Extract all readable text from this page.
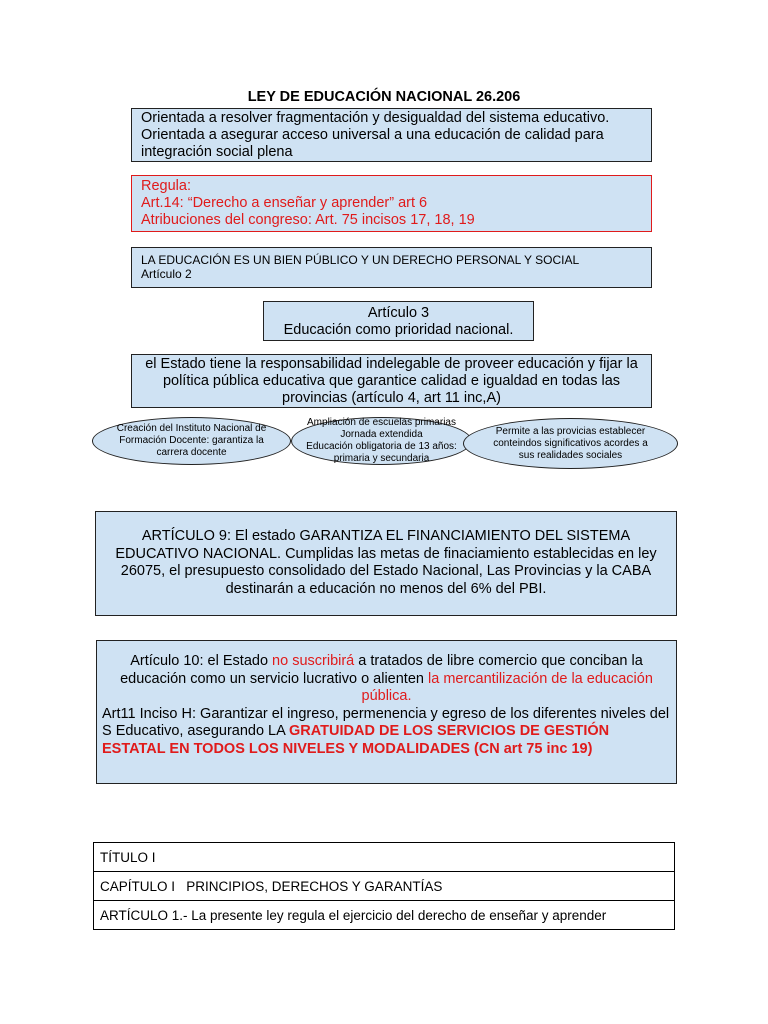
LEY DE EDUCACIÓN NACIONAL 26.206
Orientada a resolver fragmentación y desigualdad del sistema educativo.
Orientada a asegurar acceso universal a una educación de calidad para integración social plena
Regula:
Art.14: “Derecho a enseñar y aprender” art 6
Atribuciones del congreso: Art. 75 incisos 17, 18, 19
LA EDUCACIÓN ES UN BIEN PÚBLICO Y UN DERECHO PERSONAL Y SOCIAL
Artículo 2
Artículo 3
Educación como prioridad nacional.
el Estado tiene la responsabilidad indelegable de proveer educación y fijar la política pública educativa que garantice calidad e igualdad en todas las provincias (artículo 4, art 11 inc,A)
Creación del Instituto Nacional de Formación Docente: garantiza la carrera docente
Ampliación de escuelas primarias
Jornada extendida
Educación obligatoria de 13 años: primaria y secundaria
Permite a las provicias establecer conteindos significativos acordes a sus realidades sociales
ARTÍCULO 9: El estado GARANTIZA EL FINANCIAMIENTO DEL SISTEMA EDUCATIVO NACIONAL. Cumplidas las metas de finaciamiento establecidas en ley 26075, el presupuesto consolidado del Estado Nacional, Las Provincias y la CABA destinarán a educación no menos del 6% del PBI.
Artículo 10: el Estado no suscribirá a tratados de libre comercio que conciban la educación como un servicio lucrativo o alienten la mercantilización de la educación pública.
Art11 Inciso H: Garantizar el ingreso, permenencia y egreso de los diferentes niveles del S Educativo, asegurando LA GRATUIDAD DE LOS SERVICIOS DE GESTIÓN ESTATAL EN TODOS LOS NIVELES Y MODALIDADES (CN art 75 inc 19)
TÍTULO I
CAPÍTULO I   PRINCIPIOS, DERECHOS Y GARANTÍAS
ARTÍCULO 1.- La presente ley regula el ejercicio del derecho de enseñar y aprender
